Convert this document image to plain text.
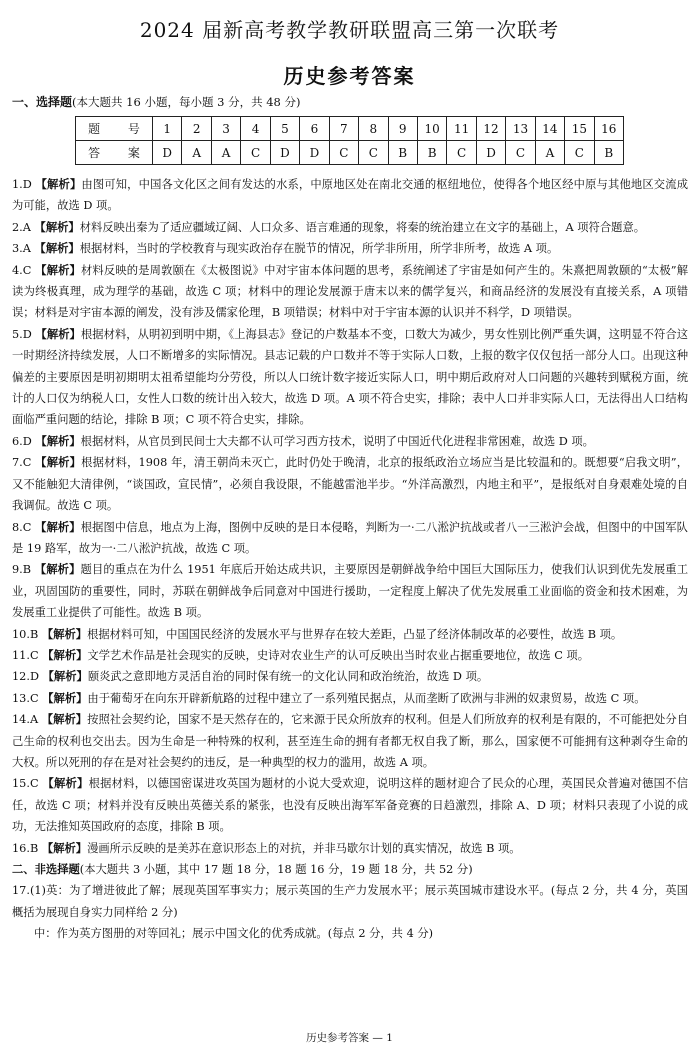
2024 届新高考教学教研联盟高三第一次联考
历史参考答案
一、选择题(本大题共 16 小题，每小题 3 分，共 48 分)
题 号	1	2	3	4	5	6	7	8	9	10	11	12	13	14	15	16
答 案	D	A	A	C	D	D	C	C	B	B	C	D	C	A	C	B

1.D 【解析】由图可知，中国各文化区之间有发达的水系，中原地区处在南北交通的枢纽地位，使得各个地区经中原与其他地区交流成为可能，故选 D 项。

2.A 【解析】材料反映出秦为了适应疆域辽阔、人口众多、语言难通的现象，将秦的统治建立在文字的基础上，A 项符合题意。

3.A 【解析】根据材料，当时的学校教育与现实政治存在脱节的情况，所学非所用，所学非所考，故选 A 项。

4.C 【解析】材料反映的是周敦颐在《太极图说》中对宇宙本体问题的思考，系统阐述了宇宙是如何产生的。朱熹把周敦颐的“太极”解读为终极真理，成为理学的基础，故选 C 项；材料中的理论发展源于唐末以来的儒学复兴，和商品经济的发展没有直接关系，A 项错误；材料是对宇宙本源的阐发，没有涉及儒家伦理，B 项错误；材料中对于宇宙本源的认识并不科学，D 项错误。

5.D 【解析】根据材料，从明初到明中期，《上海县志》登记的户数基本不变，口数大为减少，男女性别比例严重失调，这明显不符合这一时期经济持续发展，人口不断增多的实际情况。县志记载的户口数并不等于实际人口数，上报的数字仅仅包括一部分人口。出现这种偏差的主要原因是明初期明太祖希望能均分劳役，所以人口统计数字接近实际人口，明中期后政府对人口问题的兴趣转到赋税方面，统计的人口仅为纳税人口，女性人口数的统计出入较大，故选 D 项。A 项不符合史实，排除；表中人口并非实际人口，无法得出人口结构面临严重问题的结论，排除 B 项；C 项不符合史实，排除。

6.D 【解析】根据材料，从官员到民间士大夫都不认可学习西方技术，说明了中国近代化进程非常困难，故选 D 项。

7.C 【解析】根据材料，1908 年，清王朝尚未灭亡，此时仍处于晚清，北京的报纸政治立场应当是比较温和的。既想要“启我文明”，又不能触犯大清律例，“谈国政，宣民情”，必须自我设限，不能越雷池半步。“外洋高激烈，内地主和平”，是报纸对自身艰难处境的自我调侃。故选 C 项。

8.C 【解析】根据图中信息，地点为上海，图例中反映的是日本侵略，判断为一·二八淞沪抗战或者八一三淞沪会战，但图中的中国军队是 19 路军，故为一·二八淞沪抗战，故选 C 项。

9.B 【解析】题目的重点在为什么 1951 年底后开始达成共识，主要原因是朝鲜战争给中国巨大国际压力，使我们认识到优先发展重工业，巩固国防的重要性，同时，苏联在朝鲜战争后同意对中国进行援助，一定程度上解决了优先发展重工业面临的资金和技术困难，为发展重工业提供了可能性。故选 B 项。

10.B 【解析】根据材料可知，中国国民经济的发展水平与世界存在较大差距，凸显了经济体制改革的必要性，故选 B 项。

11.C 【解析】文学艺术作品是社会现实的反映，史诗对农业生产的认可反映出当时农业占据重要地位，故选 C 项。

12.D 【解析】颐炎武之意即地方灵活自治的同时保有统一的文化认同和政治统治，故选 D 项。

13.C 【解析】由于葡萄牙在向东开辟新航路的过程中建立了一系列殖民据点，从而垄断了欧洲与非洲的奴隶贸易，故选 C 项。

14.A 【解析】按照社会契约论，国家不是天然存在的，它来源于民众所放弃的权利。但是人们所放弃的权利是有限的，不可能把处分自己生命的权利也交出去。因为生命是一种特殊的权利，甚至连生命的拥有者都无权自我了断，那么，国家便不可能拥有这种剥夺生命的大权。所以死刑的存在是对社会契约的违反，是一种典型的权力的滥用，故选 A 项。

15.C 【解析】根据材料，以德国密谋进攻英国为题材的小说大受欢迎，说明这样的题材迎合了民众的心理，英国民众普遍对德国不信任，故选 C 项；材料并没有反映出英德关系的紧张，也没有反映出海军军备竞赛的日趋激烈，排除 A、D 项；材料只表现了小说的成功，无法推知英国政府的态度，排除 B 项。

16.B 【解析】漫画所示反映的是美苏在意识形态上的对抗，并非马歇尔计划的真实情况，故选 B 项。

二、非选择题(本大题共 3 小题，其中 17 题 18 分，18 题 16 分，19 题 18 分，共 52 分)

17.(1)英：为了增进彼此了解；展现英国军事实力；展示英国的生产力发展水平；展示英国城市建设水平。(每点 2 分，共 4 分，英国概括为展现自身实力同样给 2 分)

中：作为英方图册的对等回礼；展示中国文化的优秀成就。(每点 2 分，共 4 分)

历史参考答案 — 1
